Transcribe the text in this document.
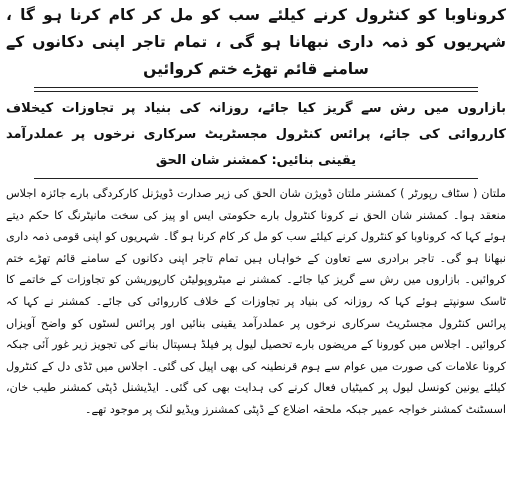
کروناوبا کو کنٹرول کرنے کیلئے سب کو مل کر کام کرنا ہو گا ، شہریوں کو ذمہ داری نبھانا ہو گی ، تمام تاجر اپنی دکانوں کے سامنے قائم تھڑے ختم کروائیں
بازاروں میں رش سے گریز کیا جائے، روزانہ کی بنیاد پر تجاوزات کیخلاف کارروائی کی جائے، پرائس کنٹرول مجسٹریٹ سرکاری نرخوں پر عملدرآمد یقینی بنائیں: کمشنر شان الحق

ملتان ( سٹاف رپورٹر ) کمشنر ملتان ڈویژن شان الحق کی زیر صدارت ڈویژنل کارکردگی بارے جائزہ اجلاس منعقد ہوا۔ کمشنر شان الحق نے کرونا کنٹرول بارے حکومتی ایس او پیز کی سخت مانیٹرنگ کا حکم دیتے ہوئے کہا کہ کروناوبا کو کنٹرول کرنے کیلئے سب کو مل کر کام کرنا ہو گا۔ شہریوں کو اپنی قومی ذمہ داری نبھانا ہو گی۔ تاجر برادری سے تعاون کے خواہاں ہیں تمام تاجر اپنی دکانوں کے سامنے قائم تھڑے ختم کروائیں۔ بازاروں میں رش سے گریز کیا جائے۔ کمشنر نے میٹروپولیٹن کارپوریشن کو تجاوزات کے خاتمے کا ٹاسک سونپتے ہوئے کہا کہ روزانہ کی بنیاد پر تجاوزات کے خلاف کارروائی کی جائے۔ کمشنر نے کہا کہ پرائس کنٹرول مجسٹریٹ سرکاری نرخوں پر عملدرآمد یقینی بنائیں اور پرائس لسٹوں کو واضح آویزاں کروائیں۔ اجلاس میں کورونا کے مریضوں بارے تحصیل لیول پر فیلڈ ہسپتال بنانے کی تجویز زیر غور آئی جبکہ کرونا علامات کی صورت میں عوام سے ہوم قرنطینہ کی بھی اپیل کی گئی۔ اجلاس میں ٹڈی دل کے کنٹرول کیلئے یونین کونسل لیول پر کمیٹیاں فعال کرنے کی ہدایت بھی کی گئی۔ ایڈیشنل ڈپٹی کمشنر طیب خان، اسسٹنٹ کمشنر خواجہ عمیر جبکہ ملحقہ اضلاع کے ڈپٹی کمشنرز ویڈیو لنک پر موجود تھے۔
